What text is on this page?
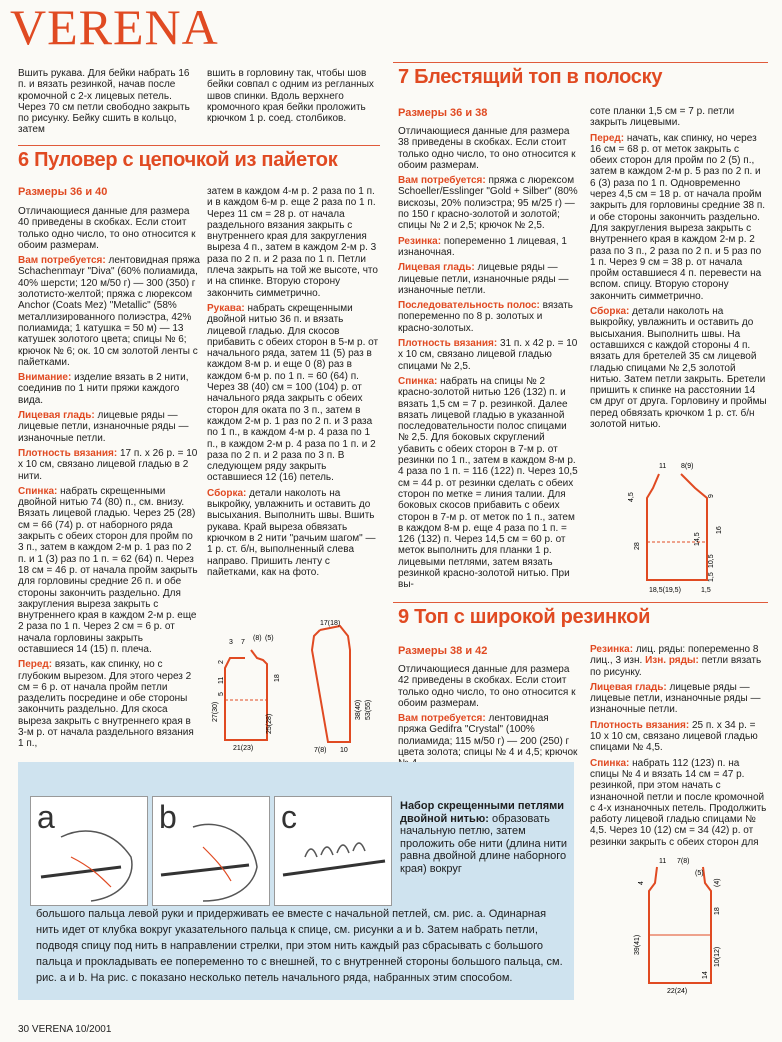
VERENA

Вшить рукава. Для бейки набрать 16 п. и вязать резинкой, начав после кромочной с 2-х лицевых петель. Через 70 см петли свободно закрыть по рисунку. Бейку сшить в кольцо, затем

вшить в горловину так, чтобы шов бейки совпал с одним из регланных швов спинки. Вдоль верхнего кромочного края бейки проложить крючком 1 р. соед. столбиков.

6 Пуловер с цепочкой из пайеток
Размеры 36 и 40

Отличающиеся данные для размера 40 приведены в скобках. Если стоит только одно число, то оно относится к обоим размерам.

Вам потребуется: лентовидная пряжа Schachenmayr "Diva" (60% полиамида, 40% шерсти; 120 м/50 г) — 300 (350) г золотисто-желтой; пряжа с люрексом Anchor (Coats Mez) "Metallic" (58% металлизированного полиэстра, 42% полиамида; 1 катушка = 50 м) — 13 катушек золотого цвета; спицы № 6; крючок № 6; ок. 10 см золотой ленты с пайетками.

Внимание: изделие вязать в 2 нити, соединив по 1 нити пряжи каждого вида.

Лицевая гладь: лицевые ряды — лицевые петли, изнаночные ряды — изнаночные петли.

Плотность вязания: 17 п. x 26 р. = 10 x 10 см, связано лицевой гладью в 2 нити.

Спинка: набрать скрещенными двойной нитью 74 (80) п., см. внизу. Вязать лицевой гладью. Через 25 (28) см = 66 (74) р. от наборного ряда закрыть с обеих сторон для пройм по 3 п., затем в каждом 2-м р. 1 раз по 2 п. и 1 (3) раз по 1 п. = 62 (64) п. Через 18 см = 46 р. от начала пройм закрыть для горловины средние 26 п. и обе стороны закончить раздельно. Для закругления выреза закрыть с внутреннего края в каждом 2-м р. еще 2 раза по 1 п. Через 2 см = 6 р. от начала горловины закрыть оставшиеся 14 (15) п. плеча.

Перед: вязать, как спинку, но с глубоким вырезом. Для этого через 2 см = 6 р. от начала пройм петли разделить посредине и обе стороны закончить раздельно. Для скоса выреза закрыть с внутреннего края в 3-м р. от начала раздельного вязания 1 п.,

затем в каждом 4-м р. 2 раза по 1 п. и в каждом 6-м р. еще 2 раза по 1 п. Через 11 см = 28 р. от начала раздельного вязания закрыть с внутреннего края для закругления выреза 4 п., затем в каждом 2-м р. 3 раза по 2 п. и 2 раза по 1 п. Петли плеча закрыть на той же высоте, что и на спинке. Вторую сторону закончить симметрично.

Рукава: набрать скрещенными двойной нитью 36 п. и вязать лицевой гладью. Для скосов прибавить с обеих сторон в 5-м р. от начального ряда, затем 11 (5) раз в каждом 8-м р. и еще 0 (8) раз в каждом 6-м р. по 1 п. = 60 (64) п. Через 38 (40) см = 100 (104) р. от начального ряда закрыть с обеих сторон для оката по 3 п., затем в каждом 2-м р. 1 раз по 2 п. и 3 раза по 1 п., в каждом 4-м р. 4 раза по 1 п., в каждом 2-м р. 4 раза по 1 п. и 2 раза по 2 п. и 2 раза по 3 п. В следующем ряду закрыть оставшиеся 12 (16) петель.

Сборка: детали наколоть на выкройку, увлажнить и оставить до высыхания. Выполнить швы. Вшить рукава. Край выреза обвязать крючком в 2 нити "рачьим шагом" — 1 р. ст. б/н, выполненный слева направо. Пришить ленту с пайетками, как на фото.

3 7
(8) (5)
27(30)
18
2
11
5
25(28)
21(23)
17(18)
53(55)
38(40)
7(8) 10
7 Блестящий топ в полоску
Размеры 36 и 38

Отличающиеся данные для размера 38 приведены в скобках. Если стоит только одно число, то оно относится к обоим размерам.

Вам потребуется: пряжа с люрексом Schoeller/Esslinger "Gold + Silber" (80% вискозы, 20% полиэстра; 95 м/25 г) — по 150 г красно-золотой и золотой; спицы № 2 и 2,5; крючок № 2,5.

Резинка: попеременно 1 лицевая, 1 изнаночная.

Лицевая гладь: лицевые ряды — лицевые петли, изнаночные ряды — изнаночные петли.

Последовательность полос: вязать попеременно по 8 р. золотых и красно-золотых.

Плотность вязания: 31 п. x 42 р. = 10 x 10 см, связано лицевой гладью спицами № 2,5.

Спинка: набрать на спицы № 2 красно-золотой нитью 126 (132) п. и вязать 1,5 см = 7 р. резинкой. Далее вязать лицевой гладью в указанной последовательности полос спицами № 2,5. Для боковых скруглений убавить с обеих сторон в 7-м р. от резинки по 1 п., затем в каждом 8-м р. 4 раза по 1 п. = 116 (122) п. Через 10,5 см = 44 р. от резинки сделать с обеих сторон по метке = линия талии. Для боковых скосов прибавить с обеих сторон в 7-м р. от меток по 1 п., затем в каждом 8-м р. еще 4 раза по 1 п. = 126 (132) п. Через 14,5 см = 60 р. от меток выполнить для планки 1 р. лицевыми петлями, затем вязать резинкой красно-золотой нитью. При вы-

соте планки 1,5 см = 7 р. петли закрыть лицевыми.

Перед: начать, как спинку, но через 16 см = 68 р. от меток закрыть с обеих сторон для пройм по 2 (5) п., затем в каждом 2-м р. 5 раз по 2 п. и 6 (3) раза по 1 п. Одновременно через 4,5 см = 18 р. от начала пройм закрыть для горловины средние 38 п. и обе стороны закончить раздельно. Для закругления выреза закрыть с внутреннего края в каждом 2-м р. 2 раза по 3 п., 2 раза по 2 п. и 5 раз по 1 п. Через 9 см = 38 р. от начала пройм оставшиеся 4 п. перевести на вспом. спицу. Вторую сторону закончить симметрично.

Сборка: детали наколоть на выкройку, увлажнить и оставить до высыхания. Выполнить швы. На оставшихся с каждой стороны 4 п. вязать для бретелей 35 см лицевой гладью спицами № 2,5 золотой нитью. Затем петли закрыть. Бретели пришить к спинке на расстоянии 14 см друг от друга. Горловину и проймы перед обвязать крючком 1 р. ст. б/н золотой нитью.

11 8(9)
4,5	9
28
1,5
10,5
14,5
16
18,5(19,5)	1,5
9 Топ с широкой резинкой
Размеры 38 и 42

Отличающиеся данные для размера 42 приведены в скобках. Если стоит только одно число, то оно относится к обоим размерам.

Вам потребуется: лентовидная пряжа Gedifra "Crystal" (100% полиамида; 115 м/50 г) — 200 (250) г цвета золота; спицы № 4 и 4,5; крючок

Резинка: лиц. ряды: попеременно 8 лиц., 3 изн. Изн. ряды: петли вязать по рисунку.

Лицевая гладь: лицевые ряды — лицевые петли, изнаночные ряды — изнаночные петли.

Плотность вязания: 25 п. x 34 р. = 10 x 10 см, связано лицевой гладью спицами № 4,5.

Спинка: набрать 112 (123) п. на спицы № 4 и вязать 14 см = 47 р. резинкой, при этом начать с изнаночной петли и после кромочной с 4-х изнаночных петель. Продолжить работу лицевой гладью спицами № 4,5. Через 10 (12) см = 34 (42) р. от резинки закрыть с обеих сторон для

11 7(8)
4
(5)
18
39(41)
(4)
10(12)
14
22(24)
a	b	c	Набор скрещенными петлями двойной нитью: образовать начальную петлю, затем проложить обе нити (длина нити равна двойной длине наборного края) вокруг
большого пальца левой руки и придерживать ее вместе с начальной петлей, см. рис. a. Одинарная нить идет от клубка вокруг указательного пальца к спице, см. рисунки a и b. Затем набрать петли, подводя спицу под нить в направлении стрелки, при этом нить каждый раз сбрасывать с большого пальца и прокладывать ее попеременно то с внешней, то с внутренней стороны большого пальца, см. рис. a и b. На рис. c показано несколько петель начального ряда, набранных этим способом.
30 VERENA 10/2001
